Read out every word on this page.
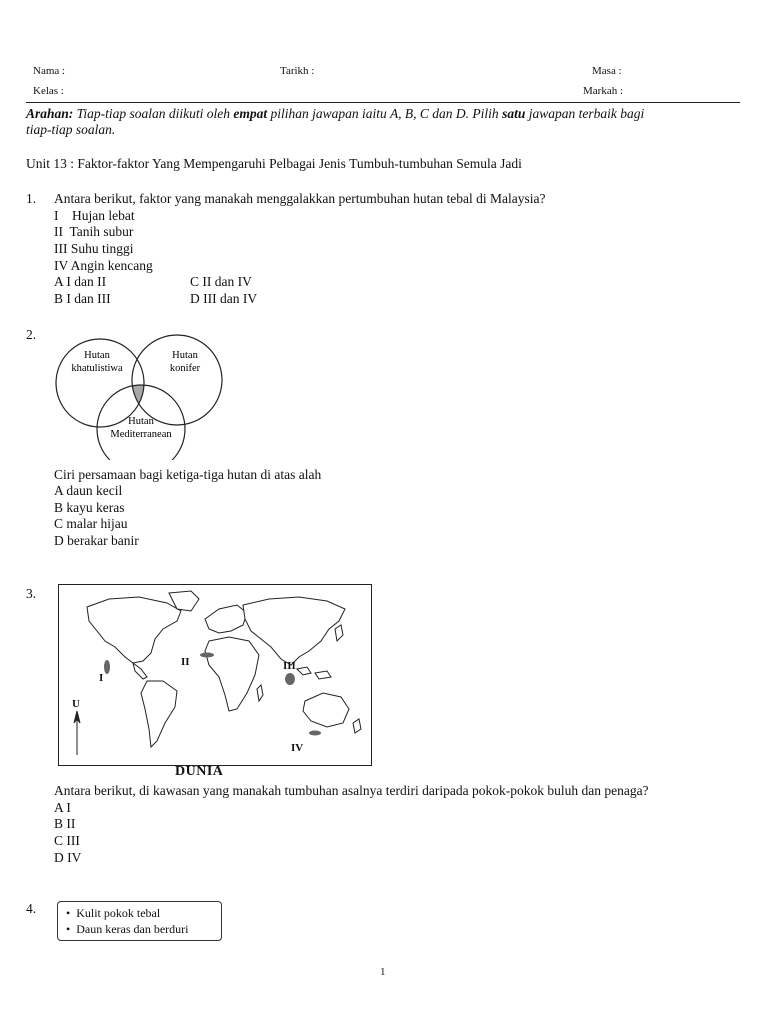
Nama :	Tarikh :	Masa :
Kelas :	Markah :
Arahan: Tiap-tiap soalan diikuti oleh empat pilihan jawapan iaitu A, B, C dan D. Pilih satu jawapan terbaik bagi
tiap-tiap soalan.
Unit 13 : Faktor-faktor Yang Mempengaruhi Pelbagai Jenis Tumbuh-tumbuhan Semula Jadi
1. Antara berikut, faktor yang manakah menggalakkan pertumbuhan hutan tebal di Malaysia?
I    Hujan lebat
II  Tanih subur
III Suhu tinggi
IV Angin kencang
A I dan II	C II dan IV
B I dan III	D III dan IV
2.
Hutan
khatulistiwa
Hutan
konifer
Hutan
Mediterranean
Ciri persamaan bagi ketiga-tiga hutan di atas alah
A daun kecil
B kayu keras
C malar hijau
D berakar banir
3.
I
II	III
IV
U
DUNIA
Antara berikut, di kawasan yang manakah tumbuhan asalnya terdiri daripada pokok-pokok buluh dan penaga?
A I
B II
C III
D IV
4. •  Kulit pokok tebal
•  Daun keras dan berduri
1
